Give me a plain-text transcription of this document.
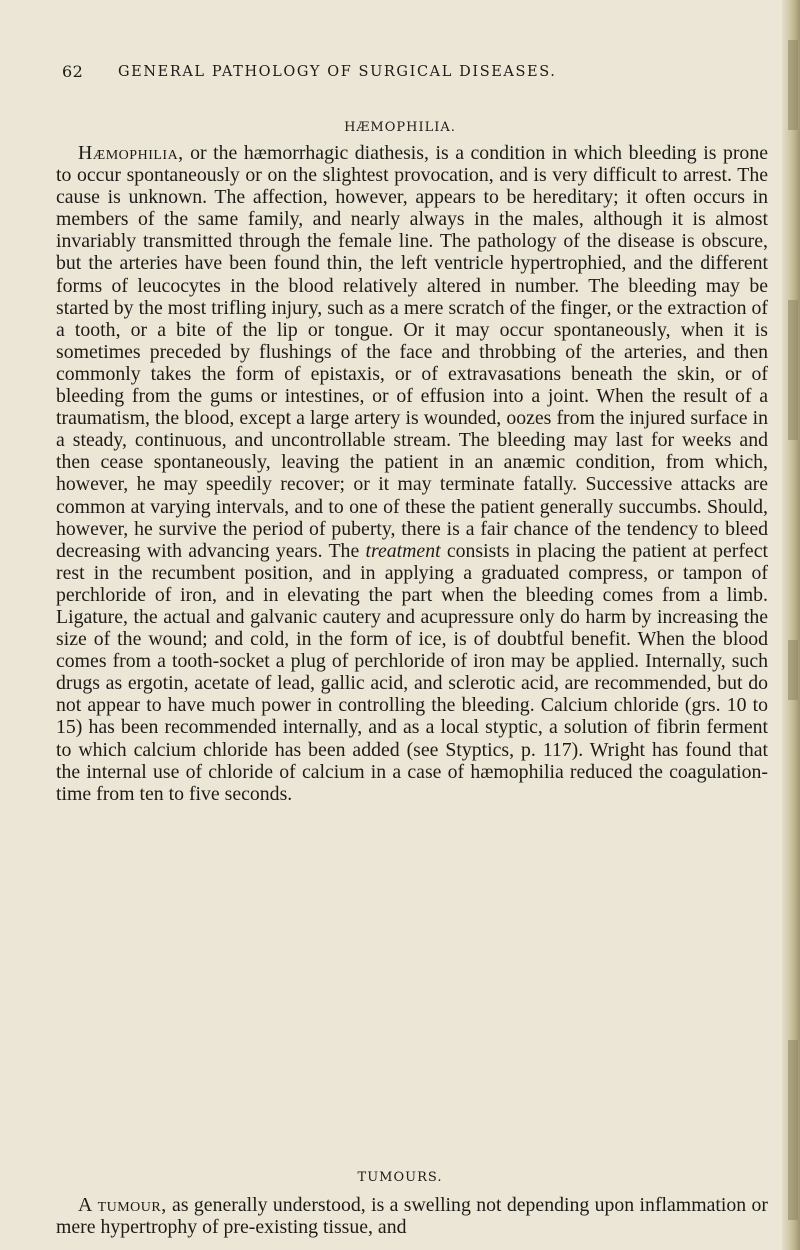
62 GENERAL PATHOLOGY OF SURGICAL DISEASES.
HÆMOPHILIA.

Hæmophilia, or the hæmorrhagic diathesis, is a condition in which bleeding is prone to occur spontaneously or on the slightest provocation, and is very difficult to arrest. The cause is unknown. The affection, however, appears to be hereditary; it often occurs in members of the same family, and nearly always in the males, although it is almost invariably transmitted through the female line. The pathology of the disease is obscure, but the arteries have been found thin, the left ventricle hypertrophied, and the different forms of leucocytes in the blood relatively altered in number. The bleeding may be started by the most trifling injury, such as a mere scratch of the finger, or the extraction of a tooth, or a bite of the lip or tongue. Or it may occur spontaneously, when it is sometimes preceded by flushings of the face and throbbing of the arteries, and then commonly takes the form of epistaxis, or of extravasations beneath the skin, or of bleeding from the gums or intestines, or of effusion into a joint. When the result of a traumatism, the blood, except a large artery is wounded, oozes from the injured surface in a steady, continuous, and uncontrollable stream. The bleeding may last for weeks and then cease spontaneously, leaving the patient in an anæmic condition, from which, however, he may speedily recover; or it may terminate fatally. Successive attacks are common at varying intervals, and to one of these the patient generally succumbs. Should, however, he survive the period of puberty, there is a fair chance of the tendency to bleed decreasing with advancing years. The treatment consists in placing the patient at perfect rest in the recumbent position, and in applying a graduated compress, or tampon of perchloride of iron, and in elevating the part when the bleeding comes from a limb. Ligature, the actual and galvanic cautery and acupressure only do harm by increasing the size of the wound; and cold, in the form of ice, is of doubtful benefit. When the blood comes from a tooth-socket a plug of perchloride of iron may be applied. Internally, such drugs as ergotin, acetate of lead, gallic acid, and sclerotic acid, are recommended, but do not appear to have much power in controlling the bleeding. Calcium chloride (grs. 10 to 15) has been recommended internally, and as a local styptic, a solution of fibrin ferment to which calcium chloride has been added (see Styptics, p. 117). Wright has found that the internal use of chloride of calcium in a case of hæmophilia reduced the coagulation-time from ten to five seconds.

TUMOURS.

A tumour, as generally understood, is a swelling not depending upon inflammation or mere hypertrophy of pre-existing tissue, and
